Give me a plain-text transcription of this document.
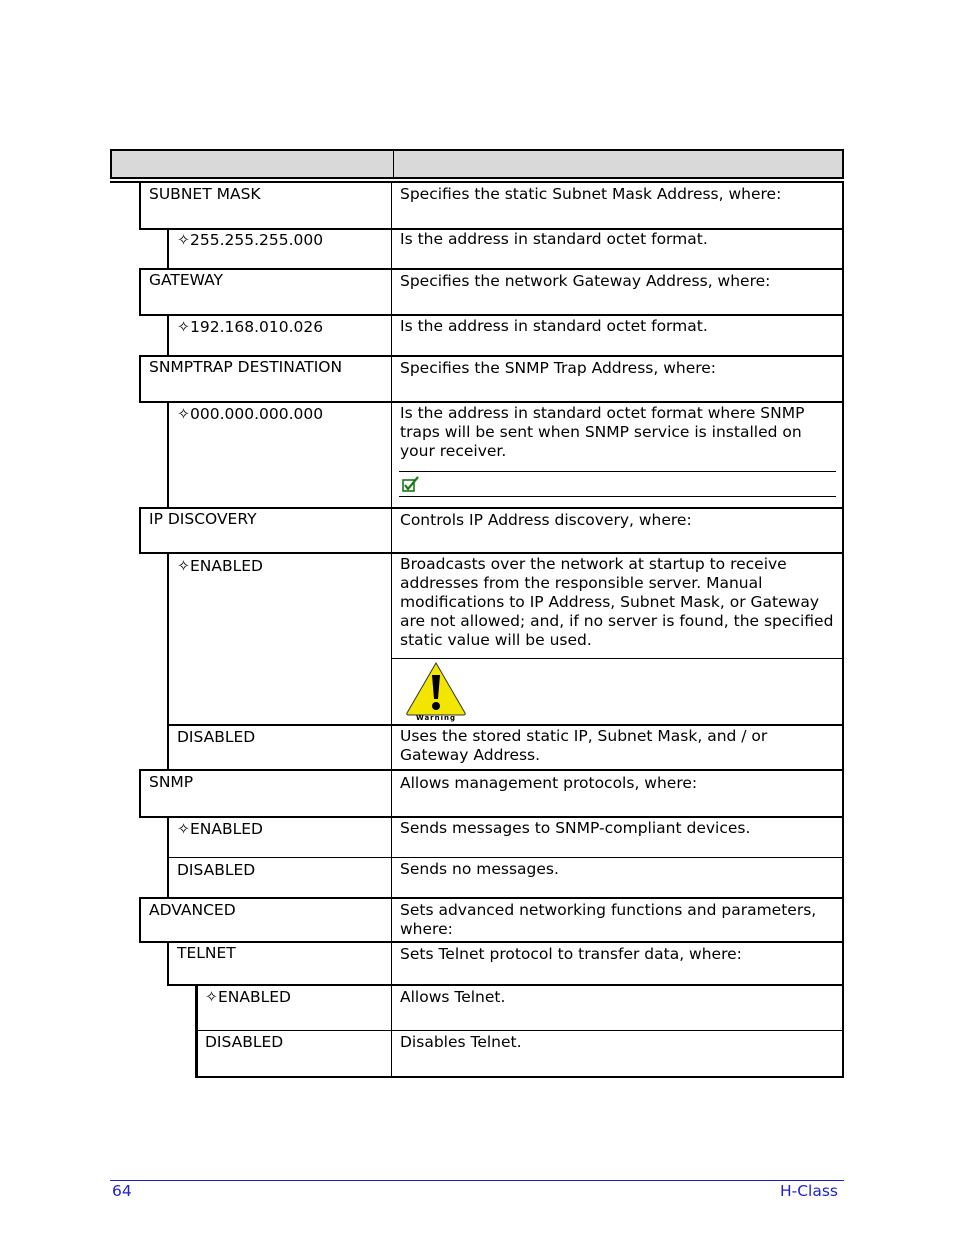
SUBNET MASK	Specifies the static Subnet Mask Address, where:
✧255.255.255.000	Is the address in standard octet format.
GATEWAY	Specifies the network Gateway Address, where:
✧192.168.010.026	Is the address in standard octet format.
SNMPTRAP DESTINATION	Specifies the SNMP Trap Address, where:
✧000.000.000.000	Is the address in standard octet format where SNMP traps will be sent when SNMP service is installed on your receiver.
IP DISCOVERY	Controls IP Address discovery, where:
✧ENABLED	Broadcasts over the network at startup to receive addresses from the responsible server. Manual modifications to IP Address, Subnet Mask, or Gateway are not allowed; and, if no server is found, the specified static value will be used.
Warning
DISABLED	Uses the stored static IP, Subnet Mask, and / or Gateway Address.
SNMP	Allows management protocols, where:
✧ENABLED	Sends messages to SNMP-compliant devices.
DISABLED	Sends no messages.
ADVANCED	Sets advanced networking functions and parameters, where:
TELNET	Sets Telnet protocol to transfer data, where:
✧ENABLED	Allows Telnet.
DISABLED	Disables Telnet.
64	H-Class
